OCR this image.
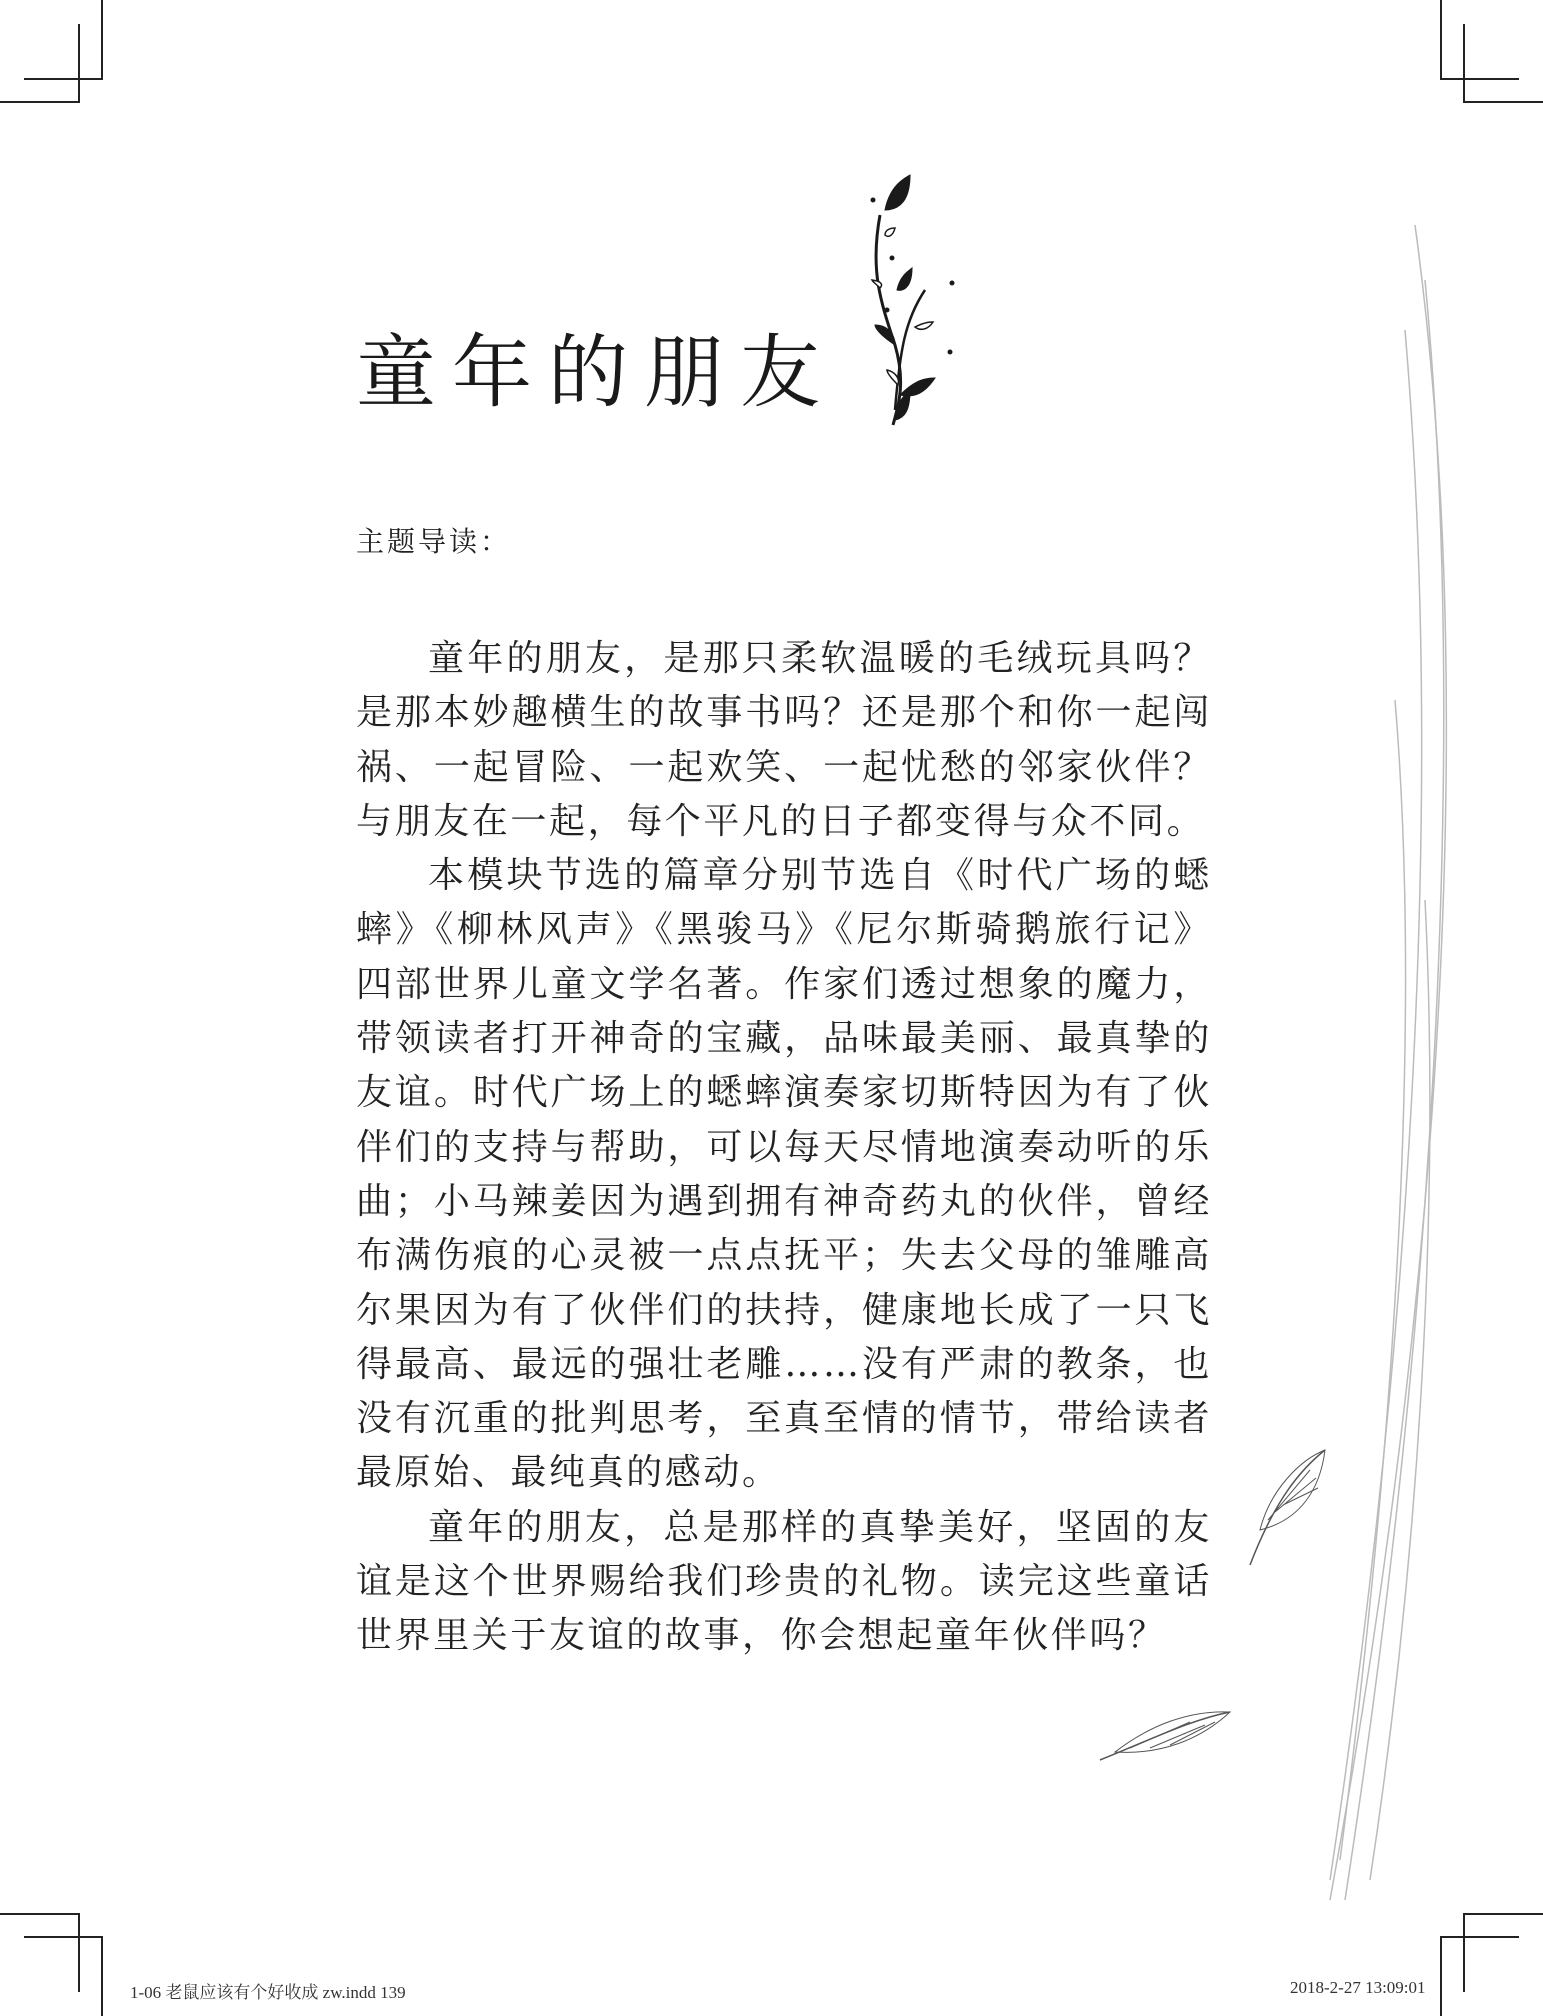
童年的朋友
主题导读：

童年的朋友，是那只柔软温暖的毛绒玩具吗？是那本妙趣横生的故事书吗？还是那个和你一起闯祸、一起冒险、一起欢笑、一起忧愁的邻家伙伴？与朋友在一起，每个平凡的日子都变得与众不同。

本模块节选的篇章分别节选自《时代广场的蟋蟀》《柳林风声》《黑骏马》《尼尔斯骑鹅旅行记》四部世界儿童文学名著。作家们透过想象的魔力，带领读者打开神奇的宝藏，品味最美丽、最真挚的友谊。时代广场上的蟋蟀演奏家切斯特因为有了伙伴们的支持与帮助，可以每天尽情地演奏动听的乐曲；小马辣姜因为遇到拥有神奇药丸的伙伴，曾经布满伤痕的心灵被一点点抚平；失去父母的雏雕高尔果因为有了伙伴们的扶持，健康地长成了一只飞得最高、最远的强壮老雕……没有严肃的教条，也没有沉重的批判思考，至真至情的情节，带给读者最原始、最纯真的感动。

童年的朋友，总是那样的真挚美好，坚固的友谊是这个世界赐给我们珍贵的礼物。读完这些童话世界里关于友谊的故事，你会想起童年伙伴吗？

1-06 老鼠应该有个好收成 zw.indd 139	2018-2-27 13:09:01
